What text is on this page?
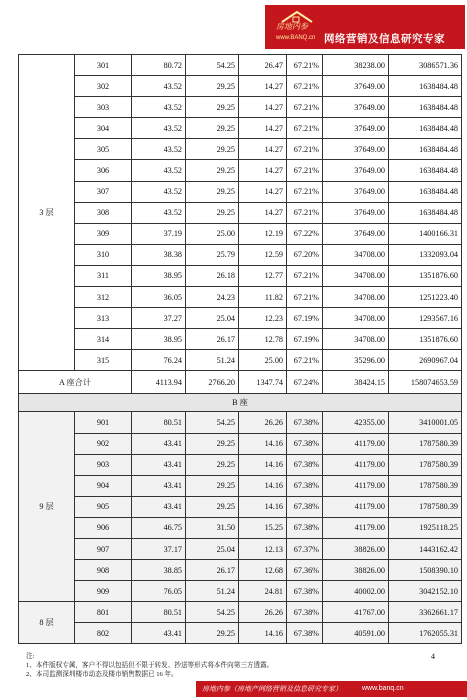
房地内参
www.BANQ.cn 网络营销及信息研究专家
3 层	301	80.72	54.25	26.47	67.21%	38238.00	3086571.36
	302	43.52	29.25	14.27	67.21%	37649.00	1638484.48
	303	43.52	29.25	14.27	67.21%	37649.00	1638484.48
	304	43.52	29.25	14.27	67.21%	37649.00	1638484.48
	305	43.52	29.25	14.27	67.21%	37649.00	1638484.48
	306	43.52	29.25	14.27	67.21%	37649.00	1638484.48
	307	43.52	29.25	14.27	67.21%	37649.00	1638484.48
	308	43.52	29.25	14.27	67.21%	37649.00	1638484.48
	309	37.19	25.00	12.19	67.22%	37649.00	1400166.31
	310	38.38	25.79	12.59	67.20%	34708.00	1332093.04
	311	38.95	26.18	12.77	67.21%	34708.00	1351876.60
	312	36.05	24.23	11.82	67.21%	34708.00	1251223.40
	313	37.27	25.04	12.23	67.19%	34708.00	1293567.16
	314	38.95	26.17	12.78	67.19%	34708.00	1351876.60
	315	76.24	51.24	25.00	67.21%	35296.00	2690967.04
A 座合计		4113.94	2766.20	1347.74	67.24%	38424.15	158074653.59
B 座							
9 层	901	80.51	54.25	26.26	67.38%	42355.00	3410001.05
	902	43.41	29.25	14.16	67.38%	41179.00	1787580.39
	903	43.41	29.25	14.16	67.38%	41179.00	1787580.39
	904	43.41	29.25	14.16	67.38%	41179.00	1787580.39
	905	43.41	29.25	14.16	67.38%	41179.00	1787580.39
	906	46.75	31.50	15.25	67.38%	41179.00	1925118.25
	907	37.17	25.04	12.13	67.37%	38826.00	1443162.42
	908	38.85	26.17	12.68	67.36%	38826.00	1508390.10
	909	76.05	51.24	24.81	67.38%	40002.00	3042152.10
8 层	801	80.51	54.25	26.26	67.38%	41767.00	3362661.17
	802	43.41	29.25	14.16	67.38%	40591.00	1762055.31
注:
1、本件版权专属，客户不得以包括但不限于转发、抄送等形式将本件向第三方透露。
2、本司监测深圳楼市动态及楼市销售数据已 16 年。
4
房地内参（房地产网络营销及信息研究专家）	www.banq.cn
